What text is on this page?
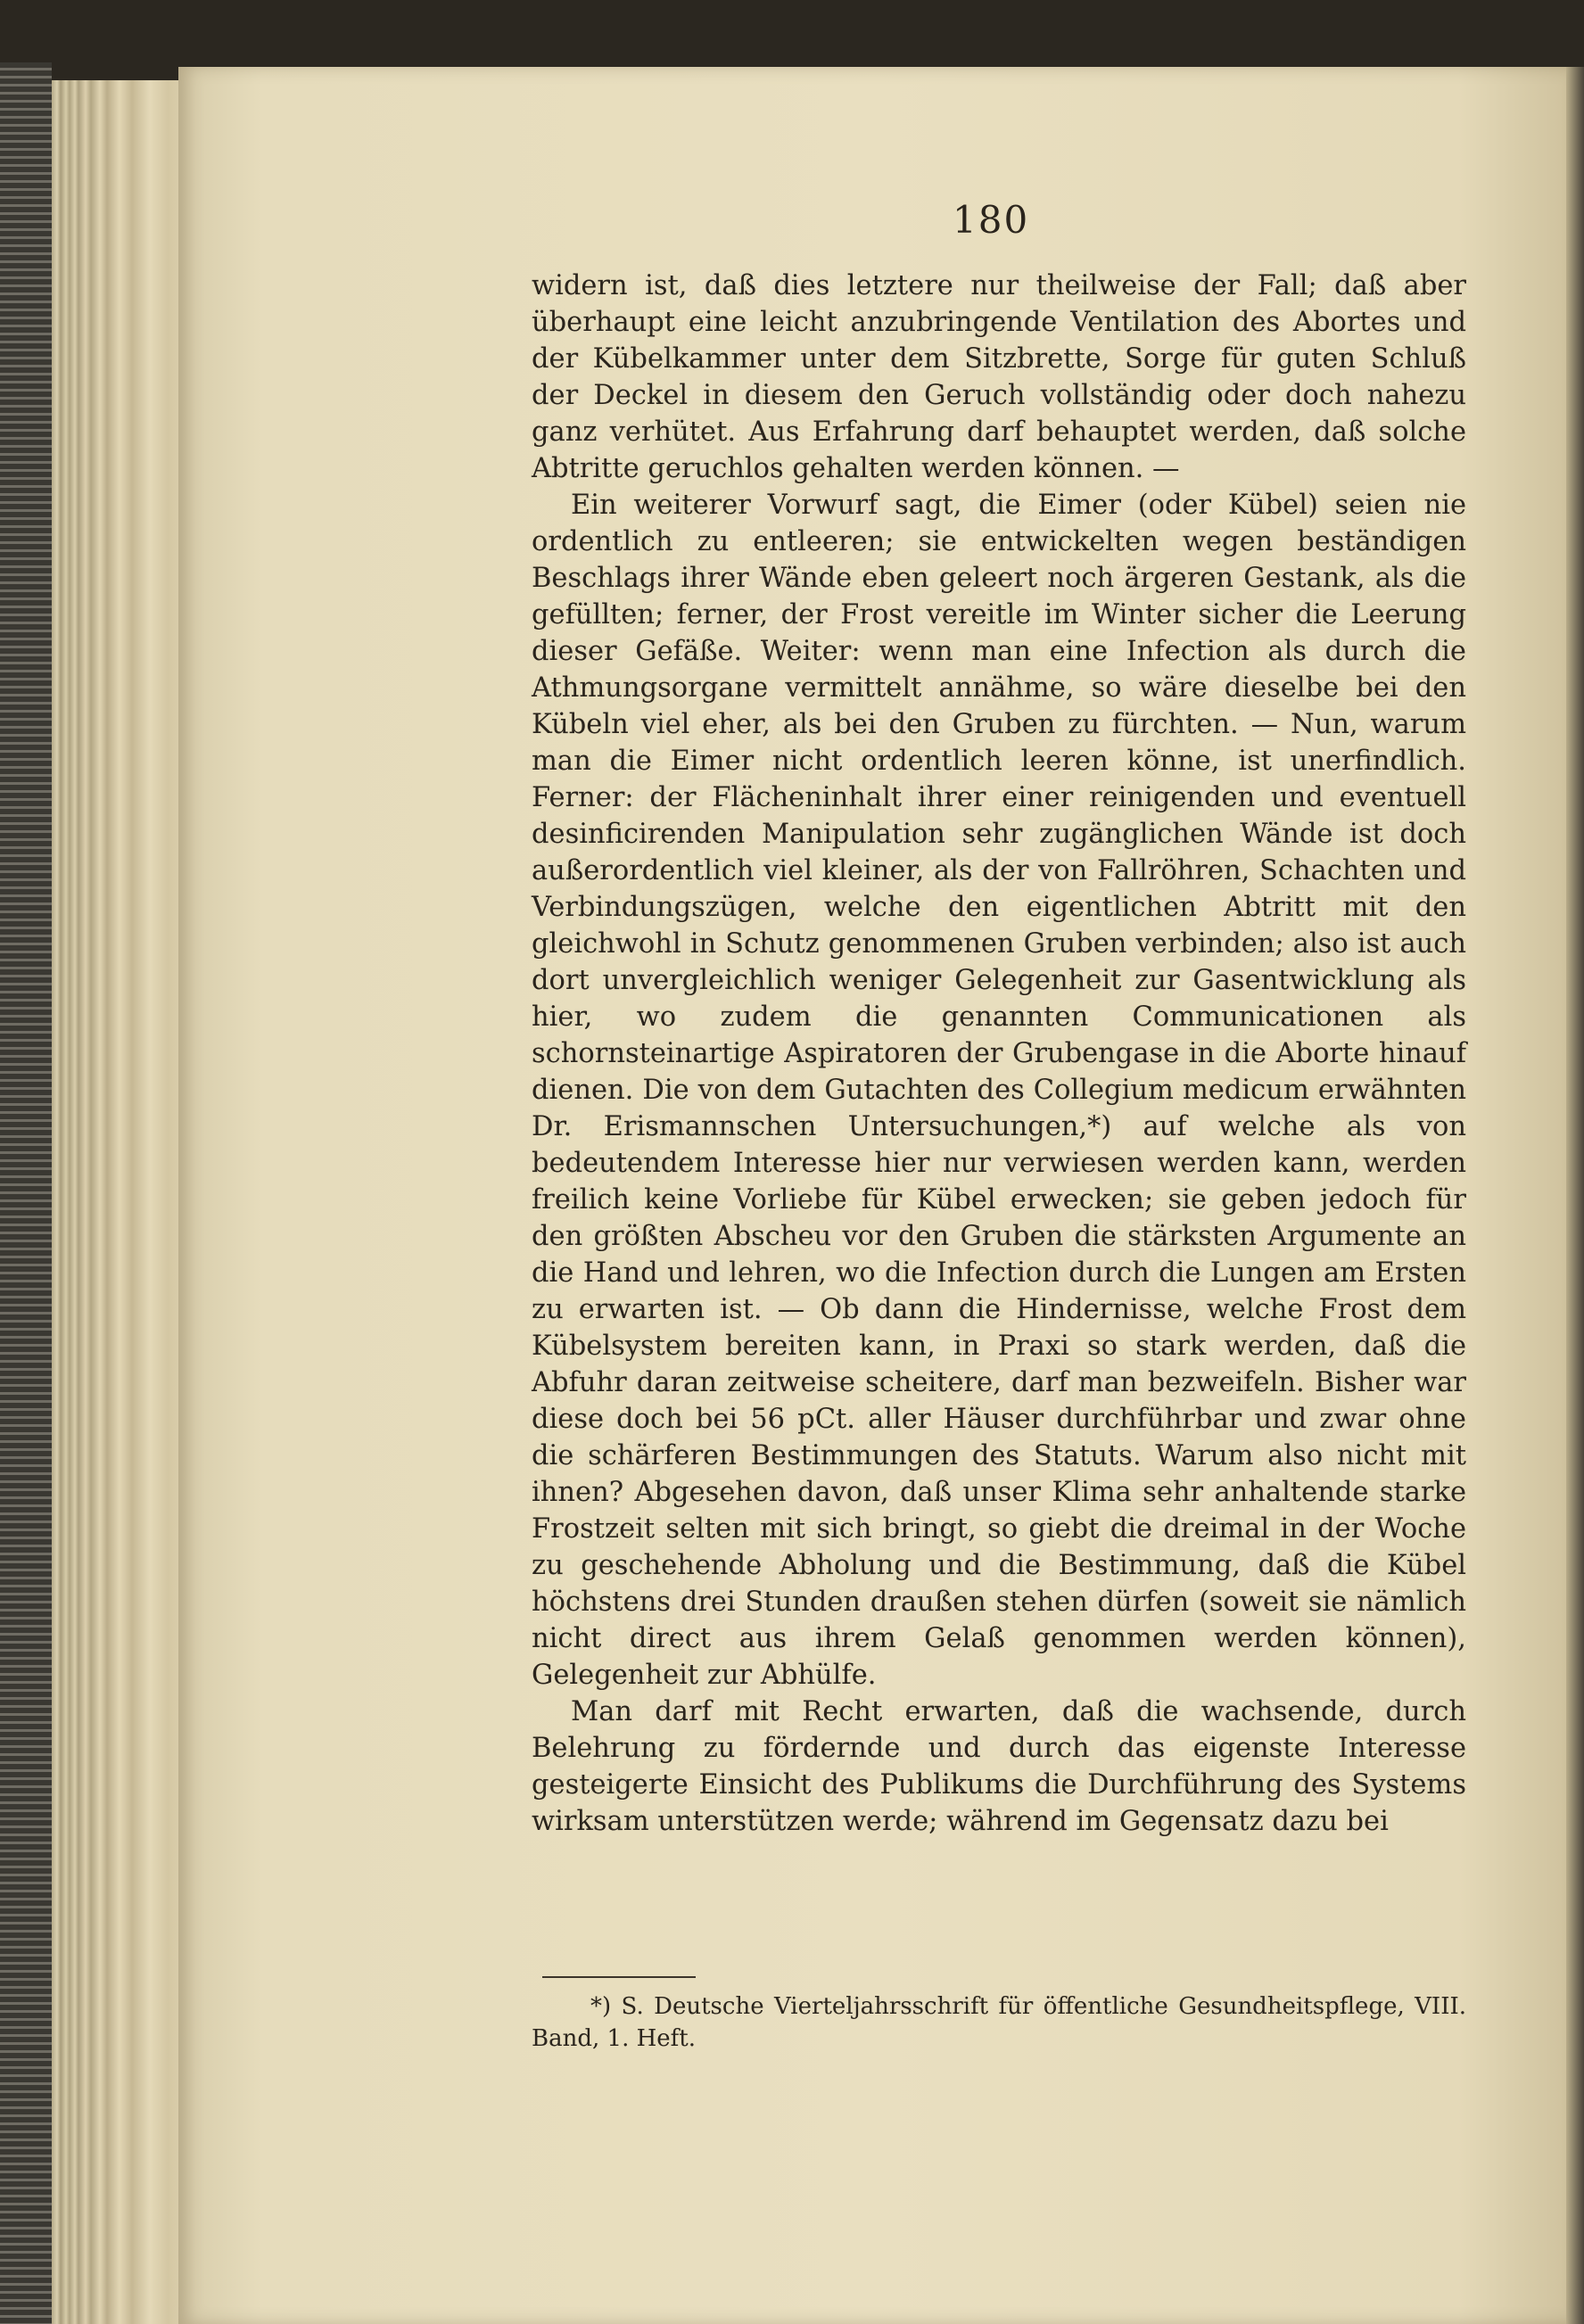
180

widern ist, daß dies letztere nur theilweise der Fall; daß aber überhaupt eine leicht anzubringende Ventilation des Abortes und der Kübelkammer unter dem Sitzbrette, Sorge für guten Schluß der Deckel in diesem den Geruch vollständig oder doch nahezu ganz verhütet. Aus Erfahrung darf behauptet werden, daß solche Abtritte geruchlos gehalten werden können. —

Ein weiterer Vorwurf sagt, die Eimer (oder Kübel) seien nie ordentlich zu entleeren; sie entwickelten wegen beständigen Beschlags ihrer Wände eben geleert noch ärgeren Gestank, als die gefüllten; ferner, der Frost vereitle im Winter sicher die Leerung dieser Gefäße. Weiter: wenn man eine Infection als durch die Athmungsorgane vermittelt annähme, so wäre dieselbe bei den Kübeln viel eher, als bei den Gruben zu fürchten. — Nun, warum man die Eimer nicht ordentlich leeren könne, ist unerfindlich. Ferner: der Flächeninhalt ihrer einer reinigenden und eventuell desinficirenden Manipulation sehr zugänglichen Wände ist doch außerordentlich viel kleiner, als der von Fallröhren, Schachten und Verbindungszügen, welche den eigentlichen Abtritt mit den gleichwohl in Schutz genommenen Gruben verbinden; also ist auch dort unvergleichlich weniger Gelegenheit zur Gasentwicklung als hier, wo zudem die genannten Communicationen als schornsteinartige Aspiratoren der Grubengase in die Aborte hinauf dienen. Die von dem Gutachten des Collegium medicum erwähnten Dr. Erismannschen Untersuchungen,*) auf welche als von bedeutendem Interesse hier nur verwiesen werden kann, werden freilich keine Vorliebe für Kübel erwecken; sie geben jedoch für den größten Abscheu vor den Gruben die stärksten Argumente an die Hand und lehren, wo die Infection durch die Lungen am Ersten zu erwarten ist. — Ob dann die Hindernisse, welche Frost dem Kübelsystem bereiten kann, in Praxi so stark werden, daß die Abfuhr daran zeitweise scheitere, darf man bezweifeln. Bisher war diese doch bei 56 pCt. aller Häuser durchführbar und zwar ohne die schärferen Bestimmungen des Statuts. Warum also nicht mit ihnen? Abgesehen davon, daß unser Klima sehr anhaltende starke Frostzeit selten mit sich bringt, so giebt die dreimal in der Woche zu geschehende Abholung und die Bestimmung, daß die Kübel höchstens drei Stunden draußen stehen dürfen (soweit sie nämlich nicht direct aus ihrem Gelaß genommen werden können), Gelegenheit zur Abhülfe.

Man darf mit Recht erwarten, daß die wachsende, durch Belehrung zu fördernde und durch das eigenste Interesse gesteigerte Einsicht des Publikums die Durchführung des Systems wirksam unterstützen werde; während im Gegensatz dazu bei

*) S. Deutsche Vierteljahrsschrift für öffentliche Gesundheitspflege, VIII. Band, 1. Heft.
